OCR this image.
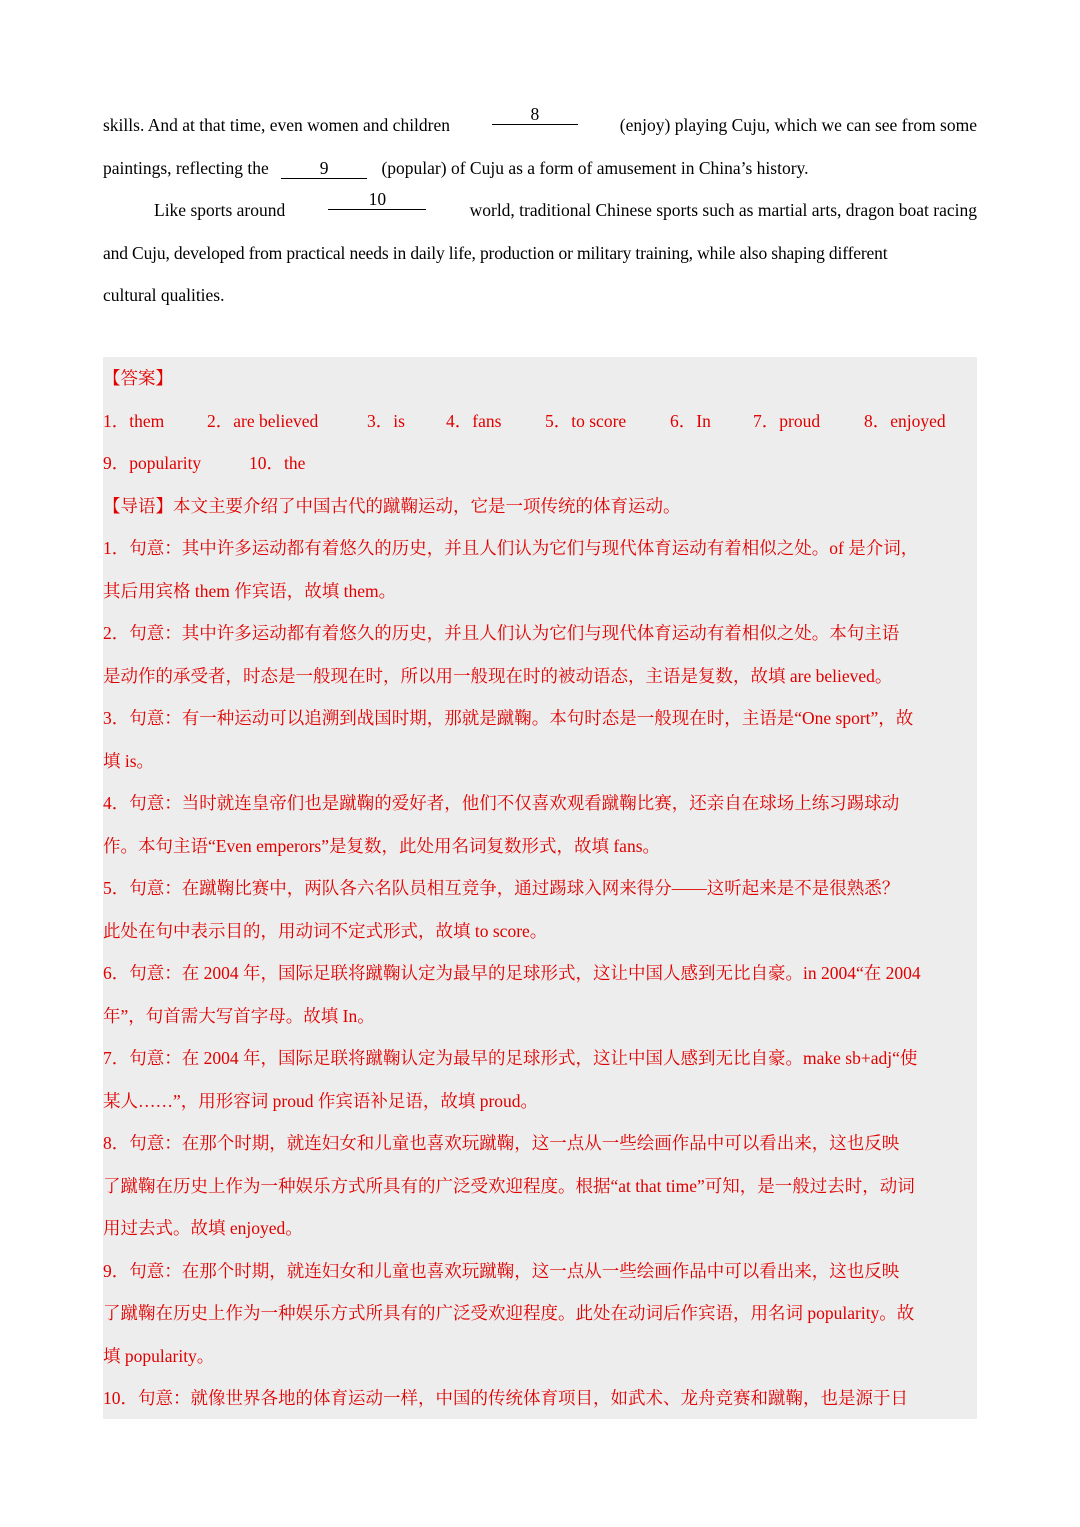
skills. And at that time, even women and children
8
(enjoy) playing Cuju, which we can see from some
paintings, reflecting the	9	(popular) of Cuju as a form of amusement in China’s history.
Like sports around
10
world, traditional Chinese sports such as martial arts, dragon boat racing
and Cuju, developed from practical needs in daily life, production or military training, while also shaping different
cultural qualities.
【答案】
1．them 2．are believed	3．is 4．fans 5．to score	6．In 7．proud	8．enjoyed
9．popularity	10．the
【导语】本文主要介绍了中国古代的蹴鞠运动，它是一项传统的体育运动。
1．句意：其中许多运动都有着悠久的历史，并且人们认为它们与现代体育运动有着相似之处。of 是介词，
其后用宾格 them 作宾语，故填 them。
2．句意：其中许多运动都有着悠久的历史，并且人们认为它们与现代体育运动有着相似之处。本句主语
是动作的承受者，时态是一般现在时，所以用一般现在时的被动语态，主语是复数，故填 are believed。
3．句意：有一种运动可以追溯到战国时期，那就是蹴鞠。本句时态是一般现在时，主语是“One sport”，故
填 is。
4．句意：当时就连皇帝们也是蹴鞠的爱好者，他们不仅喜欢观看蹴鞠比赛，还亲自在球场上练习踢球动
作。本句主语“Even emperors”是复数，此处用名词复数形式，故填 fans。
5．句意：在蹴鞠比赛中，两队各六名队员相互竞争，通过踢球入网来得分——这听起来是不是很熟悉？
此处在句中表示目的，用动词不定式形式，故填 to score。
6．句意：在 2004 年，国际足联将蹴鞠认定为最早的足球形式，这让中国人感到无比自豪。in 2004“在 2004
年”，句首需大写首字母。故填 In。
7．句意：在 2004 年，国际足联将蹴鞠认定为最早的足球形式，这让中国人感到无比自豪。make sb+adj“使
某人……”，用形容词 proud 作宾语补足语，故填 proud。
8．句意：在那个时期，就连妇女和儿童也喜欢玩蹴鞠，这一点从一些绘画作品中可以看出来，这也反映
了蹴鞠在历史上作为一种娱乐方式所具有的广泛受欢迎程度。根据“at that time”可知，是一般过去时，动词
用过去式。故填 enjoyed。
9．句意：在那个时期，就连妇女和儿童也喜欢玩蹴鞠，这一点从一些绘画作品中可以看出来，这也反映
了蹴鞠在历史上作为一种娱乐方式所具有的广泛受欢迎程度。此处在动词后作宾语，用名词 popularity。故
填 popularity。
10．句意：就像世界各地的体育运动一样，中国的传统体育项目，如武术、龙舟竞赛和蹴鞠，也是源于日
